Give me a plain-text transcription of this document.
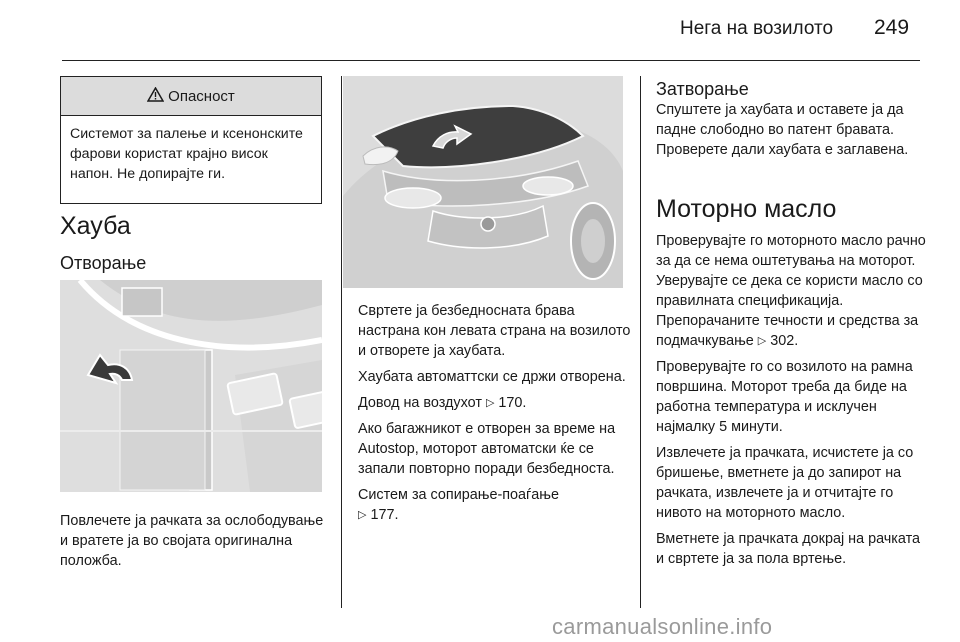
Нега на возилото 249
Опасност
Системот за палење и ксенонските фарови користат крајно висок напон. Не допирајте ги.
Хауба
Отворање
Повлечете ја рачката за ослободување и вратете ја во својата оригинална положба.

Свртете ја безбедносната брава настрана кон левата страна на возилото и отворете ја хаубата.

Хаубата автоматтски се држи отворена.

Довод на воздухот ▷ 170.

Ако багажникот е отворен за време на Autostop, моторот автоматски ќе се запали повторно поради безбедноста.

Систем за сопирање-поаѓање
▷ 177.

Затворање
Спуштете ја хаубата и оставете ја да падне слободно во патент бравата. Проверете дали хаубата е заглавена.
Моторно масло

Проверувајте го моторното масло рачно за да се нема оштетувања на моторот. Уверувајте се дека се користи масло со правилната спецификација. Препорачаните течности и средства за подмачкување ▷ 302.

Проверувајте го со возилото на рамна површина. Моторот треба да биде на работна температура и исклучен најмалку 5 минути.

Извлечете ја прачката, исчистете ја со бришење, вметнете ја до запирот на рачката, извлечете ја и отчитајте го нивото на моторното масло.

Вметнете ја прачката докрај на рачката и свртете ја за пола вртење.

carmanualsonline.info
